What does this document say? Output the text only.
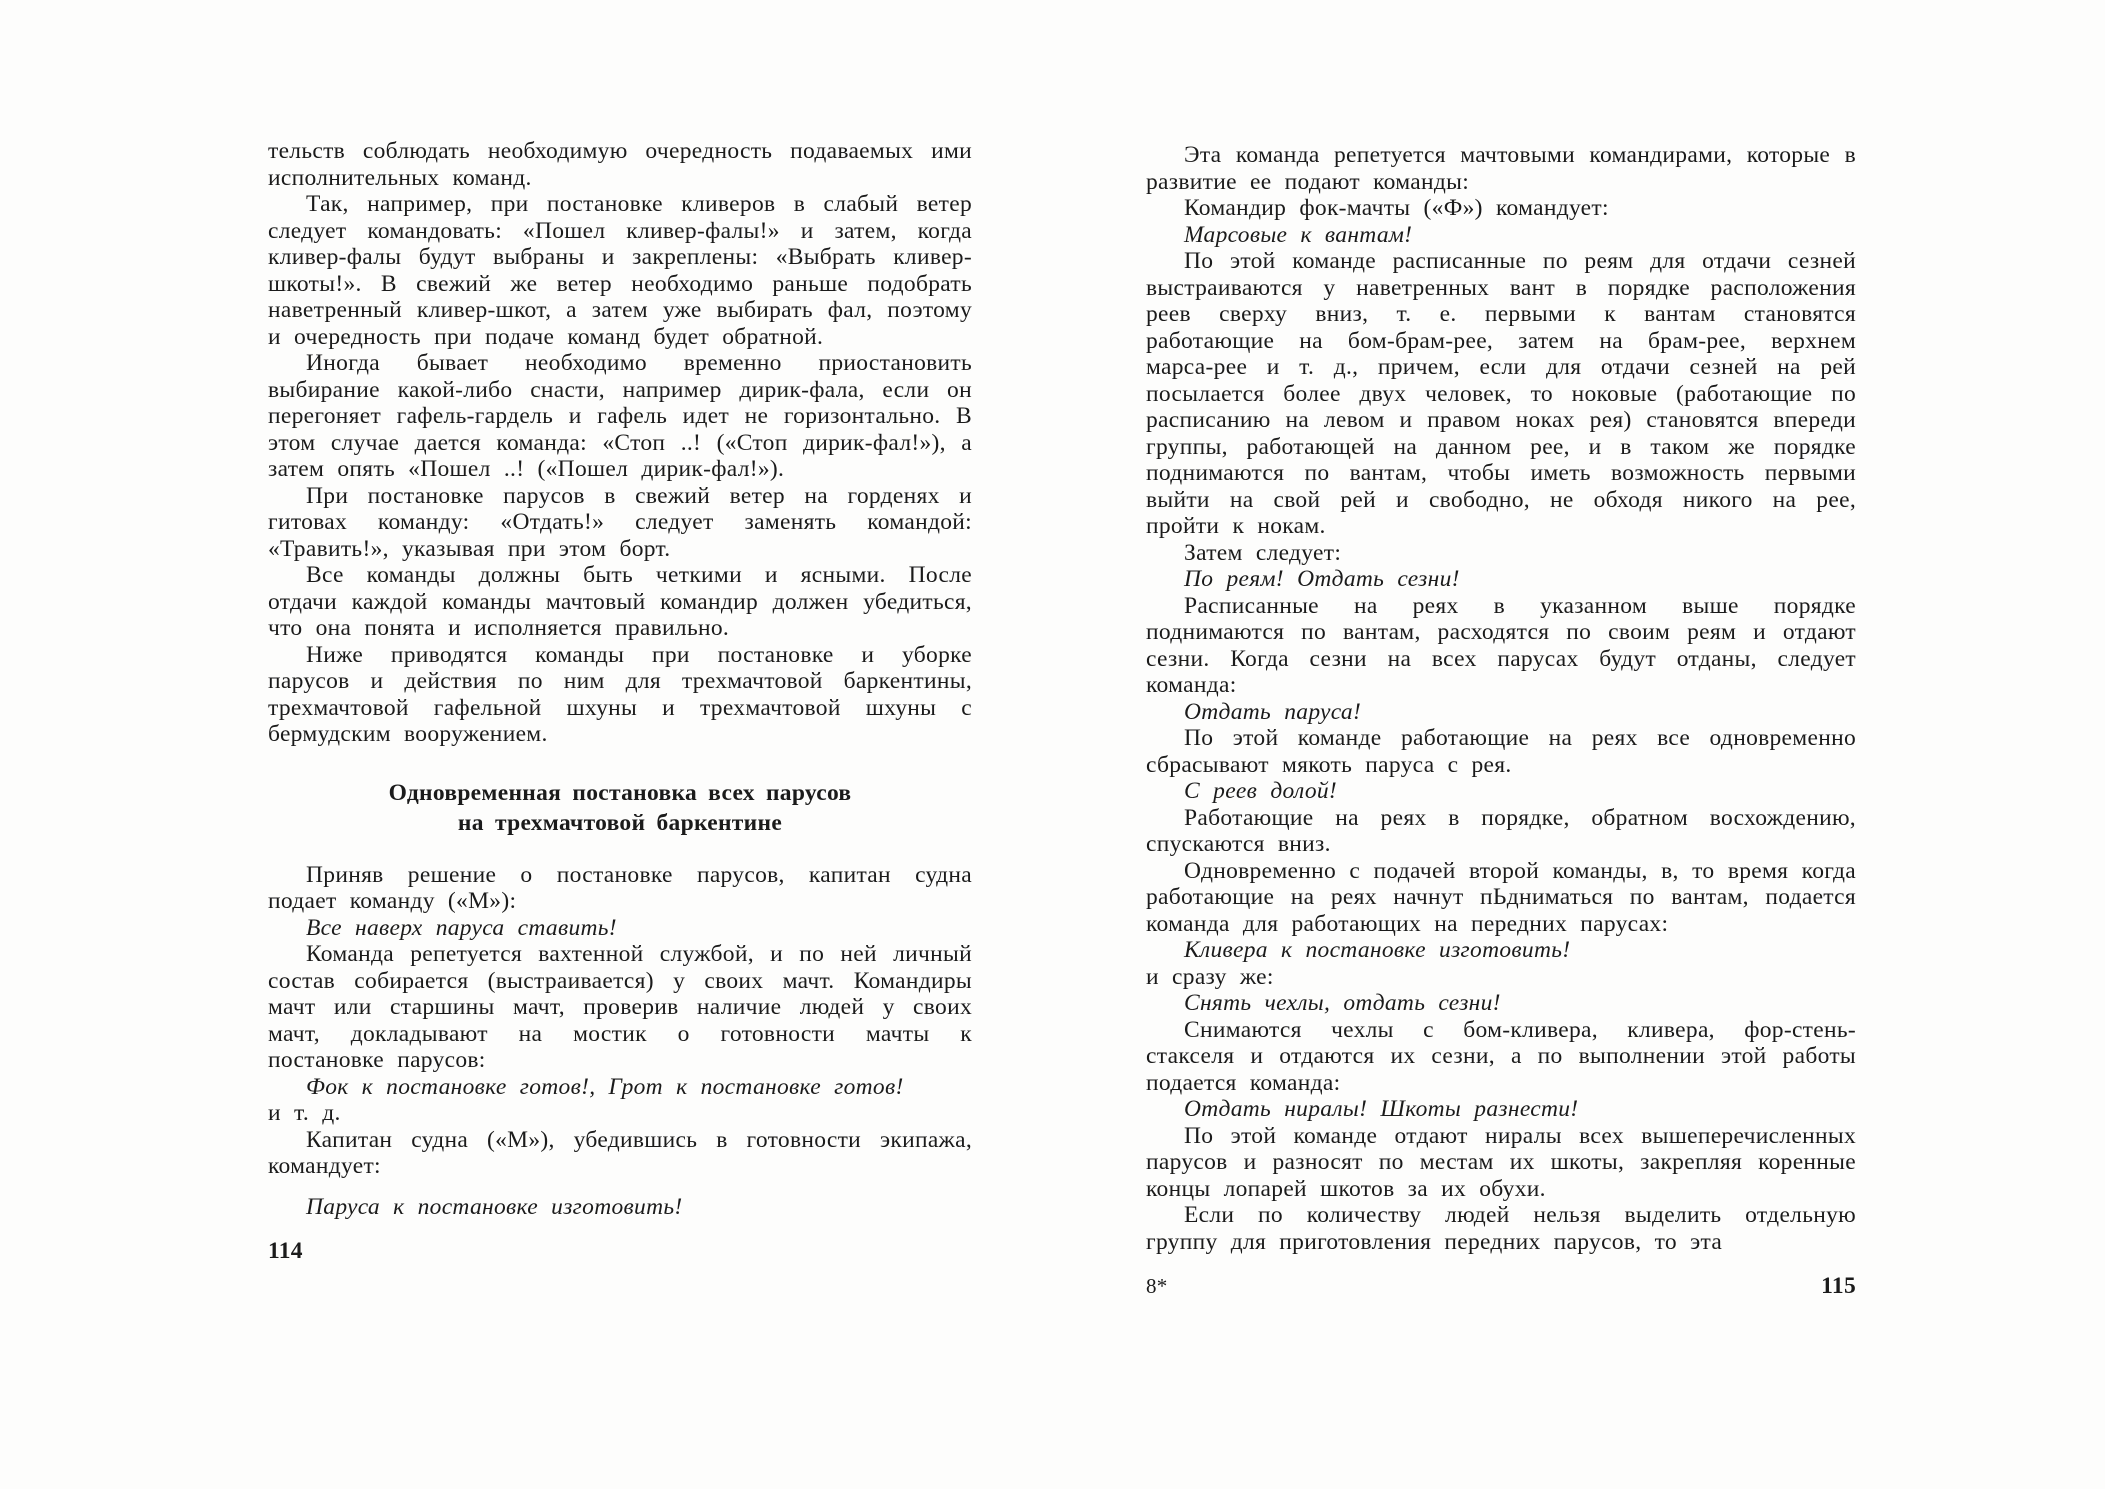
тельств соблюдать необходимую очередность подаваемых ими исполнительных команд.

Так, например, при постановке кливеров в слабый ветер следует командовать: «Пошел кливер-фалы!» и затем, когда кливер-фалы будут выбраны и закреплены: «Выбрать кливер-шкоты!». В свежий же ветер необходимо раньше подобрать наветренный кливер-шкот, а затем уже выбирать фал, поэтому и очередность при подаче команд будет обратной.

Иногда бывает необходимо временно приостановить выбирание какой-либо снасти, например дирик-фала, если он перегоняет гафель-гардель и гафель идет не горизонтально. В этом случае дается команда: «Стоп ..! («Стоп дирик-фал!»), а затем опять «Пошел ..! («Пошел дирик-фал!»).

При постановке парусов в свежий ветер на горденях и гитовах команду: «Отдать!» следует заменять командой: «Травить!», указывая при этом борт.

Все команды должны быть четкими и ясными. После отдачи каждой команды мачтовый командир должен убедиться, что она понята и исполняется правильно.

Ниже приводятся команды при постановке и уборке парусов и действия по ним для трехмачтовой баркентины, трехмачтовой гафельной шхуны и трехмачтовой шхуны с бермудским вооружением.

Одновременная постановка всех парусов
на трехмачтовой баркентине

Приняв решение о постановке парусов, капитан судна подает команду («М»):

Все наверх паруса ставить!

Команда репетуется вахтенной службой, и по ней личный состав собирается (выстраивается) у своих мачт. Командиры мачт или старшины мачт, проверив наличие людей у своих мачт, докладывают на мостик о готовности мачты к постановке парусов:

Фок к постановке готов!, Грот к постановке готов!

и т. д.

Капитан судна («М»), убедившись в готовности экипажа, командует:

Паруса к постановке изготовить!

114

Эта команда репетуется мачтовыми командирами, которые в развитие ее подают команды:

Командир фок-мачты («Ф») командует:

Марсовые к вантам!

По этой команде расписанные по реям для отдачи сезней выстраиваются у наветренных вант в порядке расположения реев сверху вниз, т. е. первыми к вантам становятся работающие на бом-брам-рее, затем на брам-рее, верхнем марса-рее и т. д., причем, если для отдачи сезней на рей посылается более двух человек, то ноковые (работающие по расписанию на левом и правом ноках рея) становятся впереди группы, работающей на данном рее, и в таком же порядке поднимаются по вантам, чтобы иметь возможность первыми выйти на свой рей и свободно, не обходя никого на рее, пройти к нокам.

Затем следует:

По реям! Отдать сезни!

Расписанные на реях в указанном выше порядке поднимаются по вантам, расходятся по своим реям и отдают сезни. Когда сезни на всех парусах будут отданы, следует команда:

Отдать паруса!

По этой команде работающие на реях все одновременно сбрасывают мякоть паруса с рея.

С реев долой!

Работающие на реях в порядке, обратном восхождению, спускаются вниз.

Одновременно с подачей второй команды, в, то время когда работающие на реях начнут пЬдниматься по вантам, подается команда для работающих на передних парусах:

Кливера к постановке изготовить!

и сразу же:

Снять чехлы, отдать сезни!

Снимаются чехлы с бом-кливера, кливера, фор-стень-стакселя и отдаются их сезни, а по выполнении этой работы подается команда:

Отдать ниралы! Шкоты разнести!

По этой команде отдают ниралы всех вышеперечисленных парусов и разносят по местам их шкоты, закрепляя коренные концы лопарей шкотов за их обухи.

Если по количеству людей нельзя выделить отдельную группу для приготовления передних парусов, то эта

8*	115
